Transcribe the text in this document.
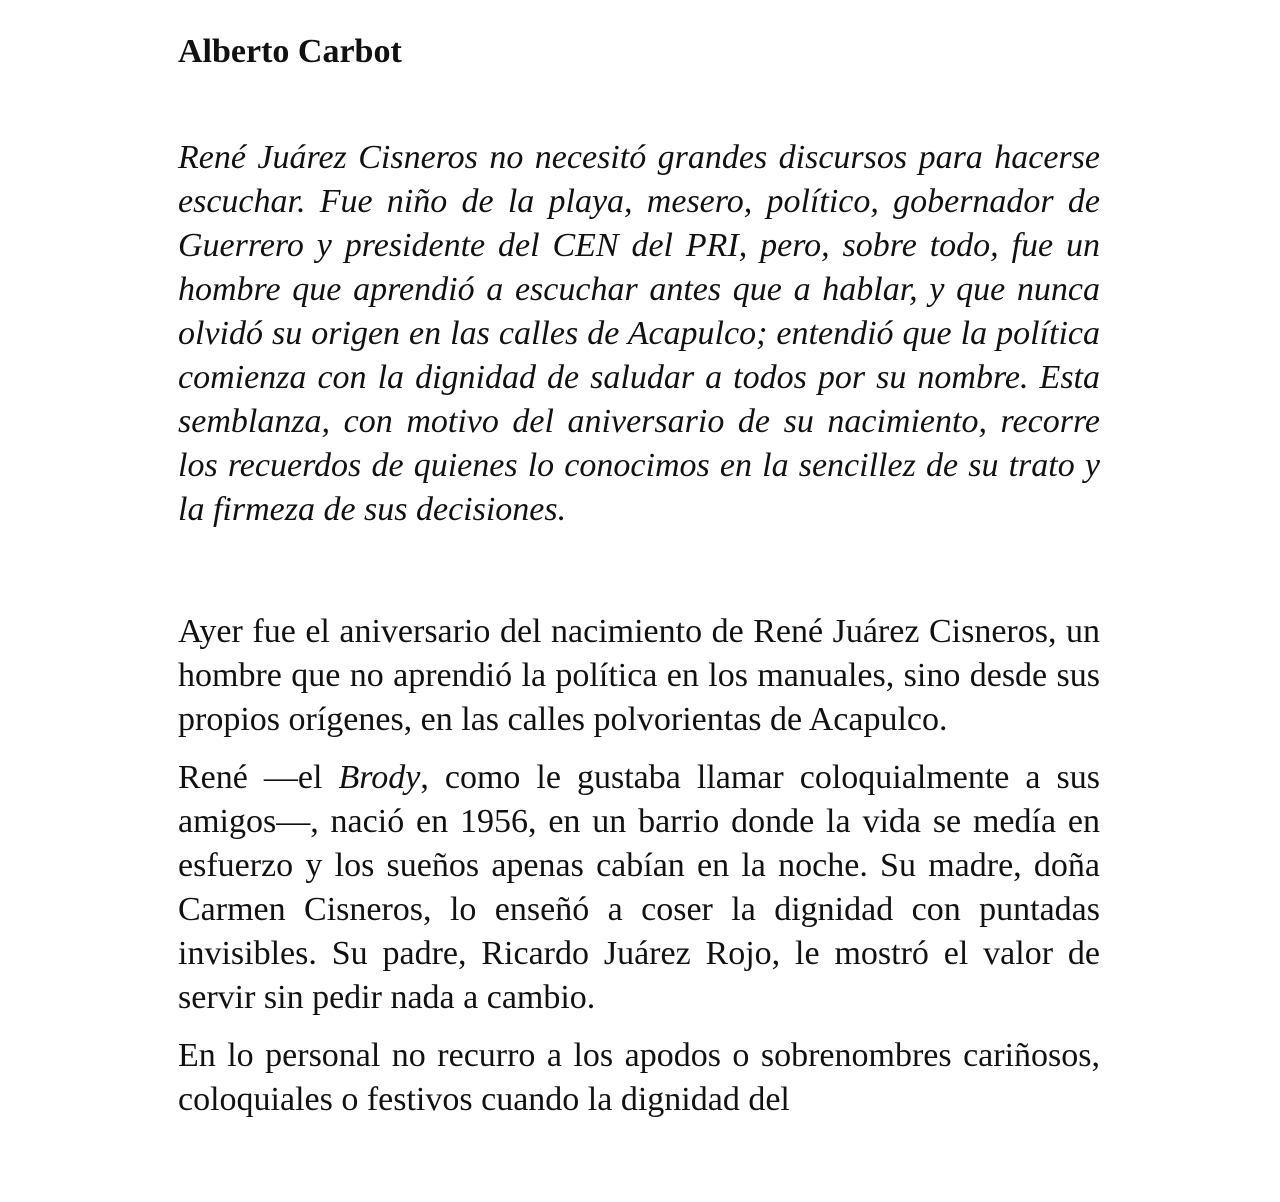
Alberto Carbot

René Juárez Cisneros no necesitó grandes discursos para hacerse escuchar. Fue niño de la playa, mesero, político, gobernador de Guerrero y presidente del CEN del PRI, pero, sobre todo, fue un hombre que aprendió a escuchar antes que a hablar, y que nunca olvidó su origen en las calles de Acapulco; entendió que la política comienza con la dignidad de saludar a todos por su nombre. Esta semblanza, con motivo del aniversario de su nacimiento, recorre los recuerdos de quienes lo conocimos en la sencillez de su trato y la firmeza de sus decisiones.

Ayer fue el aniversario del nacimiento de René Juárez Cisneros, un hombre que no aprendió la política en los manuales, sino desde sus propios orígenes, en las calles polvorientas de Acapulco.

René —el Brody, como le gustaba llamar coloquialmente a sus amigos—, nació en 1956, en un barrio donde la vida se medía en esfuerzo y los sueños apenas cabían en la noche. Su madre, doña Carmen Cisneros, lo enseñó a coser la dignidad con puntadas invisibles. Su padre, Ricardo Juárez Rojo, le mostró el valor de servir sin pedir nada a cambio.

En lo personal no recurro a los apodos o sobrenombres cariñosos, coloquiales o festivos cuando la dignidad del
